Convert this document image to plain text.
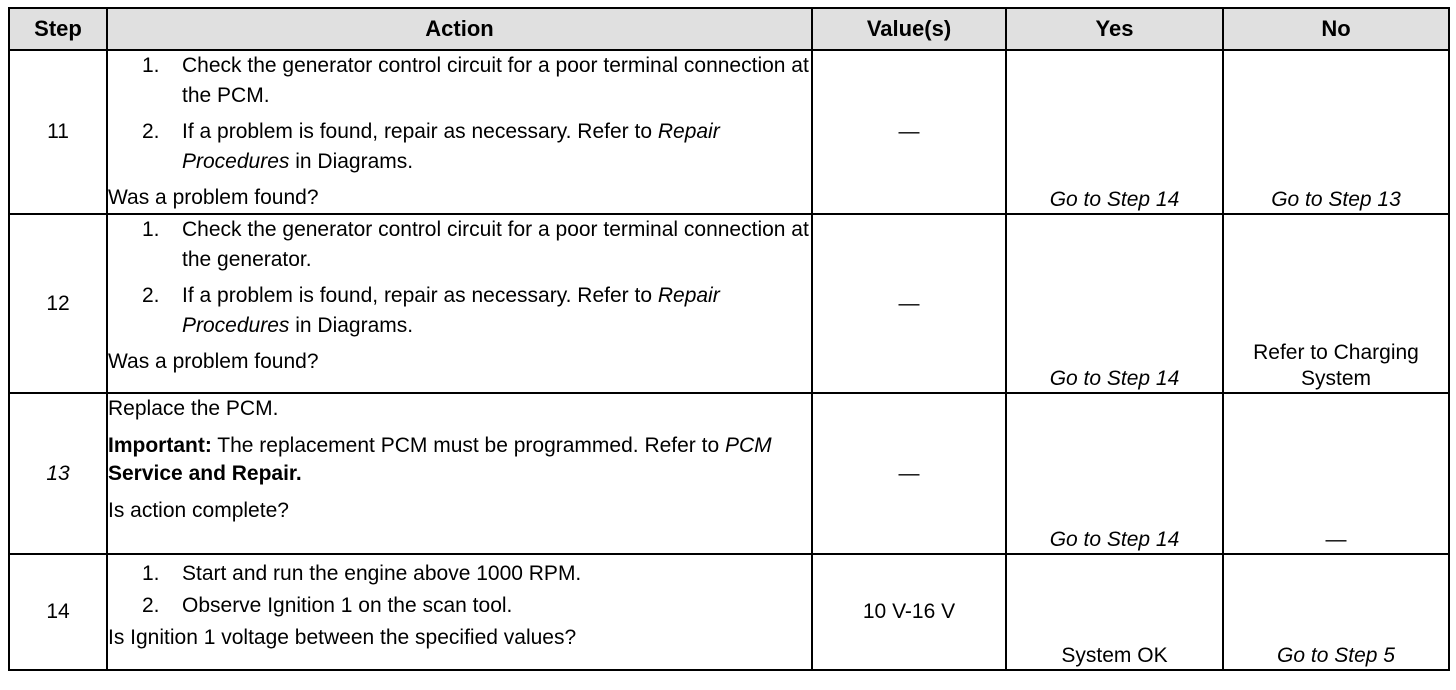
Step	Action	Value(s)	Yes	No
11	1. Check the generator control circuit for a poor terminal connection at the PCM.
2. If a problem is found, repair as necessary. Refer to Repair Procedures in Diagrams.
Was a problem found?	—	Go to Step 14	Go to Step 13
12	1. Check the generator control circuit for a poor terminal connection at the generator.
2. If a problem is found, repair as necessary. Refer to Repair Procedures in Diagrams.
Was a problem found?	—	Go to Step 14	Refer to Charging System
13	Replace the PCM.
Important: The replacement PCM must be programmed. Refer to PCM Service and Repair.
Is action complete?	—	Go to Step 14	—
14	1. Start and run the engine above 1000 RPM.
2. Observe Ignition 1 on the scan tool.
Is Ignition 1 voltage between the specified values?	10 V-16 V	System OK	Go to Step 5
